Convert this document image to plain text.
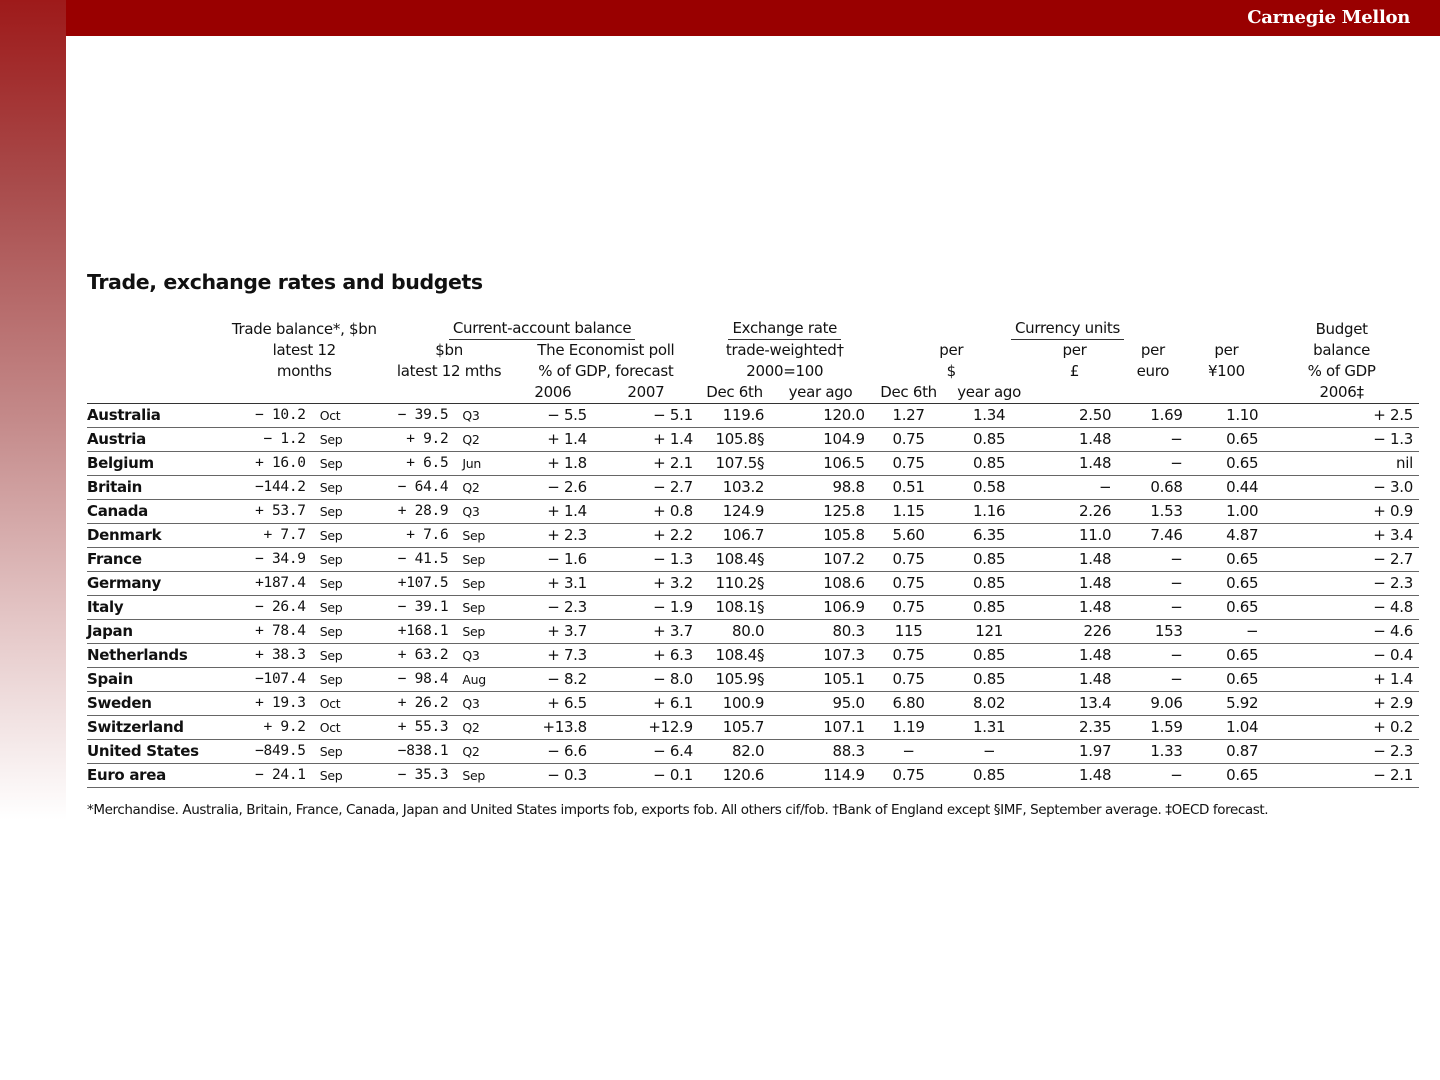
Carnegie Mellon
Trade, exchange rates and budgets
	Trade balance*, $bn		Current-account balance				Exchange rate		Currency units					Budget
	latest 12		$bn		The Economist poll		trade-weighted†		per		per	per	per	balance
	months		latest 12 mths		% of GDP, forecast		2000=100		$		£	euro	¥100	% of GDP
					2006	2007	Dec 6th	year ago	Dec 6th	year ago				2006‡
Australia	− 10.2	Oct	− 39.5	Q3	− 5.5	− 5.1	119.6	120.0	1.27	1.34	2.50	1.69	1.10	+ 2.5
Austria	− 1.2	Sep	+ 9.2	Q2	+ 1.4	+ 1.4	105.8§	104.9	0.75	0.85	1.48	−	0.65	− 1.3
Belgium	+ 16.0	Sep	+ 6.5	Jun	+ 1.8	+ 2.1	107.5§	106.5	0.75	0.85	1.48	−	0.65	nil
Britain	−144.2	Sep	− 64.4	Q2	− 2.6	− 2.7	103.2	98.8	0.51	0.58	−	0.68	0.44	− 3.0
Canada	+ 53.7	Sep	+ 28.9	Q3	+ 1.4	+ 0.8	124.9	125.8	1.15	1.16	2.26	1.53	1.00	+ 0.9
Denmark	+ 7.7	Sep	+ 7.6	Sep	+ 2.3	+ 2.2	106.7	105.8	5.60	6.35	11.0	7.46	4.87	+ 3.4
France	− 34.9	Sep	− 41.5	Sep	− 1.6	− 1.3	108.4§	107.2	0.75	0.85	1.48	−	0.65	− 2.7
Germany	+187.4	Sep	+107.5	Sep	+ 3.1	+ 3.2	110.2§	108.6	0.75	0.85	1.48	−	0.65	− 2.3
Italy	− 26.4	Sep	− 39.1	Sep	− 2.3	− 1.9	108.1§	106.9	0.75	0.85	1.48	−	0.65	− 4.8
Japan	+ 78.4	Sep	+168.1	Sep	+ 3.7	+ 3.7	80.0	80.3	115	121	226	153	−	− 4.6
Netherlands	+ 38.3	Sep	+ 63.2	Q3	+ 7.3	+ 6.3	108.4§	107.3	0.75	0.85	1.48	−	0.65	− 0.4
Spain	−107.4	Sep	− 98.4	Aug	− 8.2	− 8.0	105.9§	105.1	0.75	0.85	1.48	−	0.65	+ 1.4
Sweden	+ 19.3	Oct	+ 26.2	Q3	+ 6.5	+ 6.1	100.9	95.0	6.80	8.02	13.4	9.06	5.92	+ 2.9
Switzerland	+ 9.2	Oct	+ 55.3	Q2	+13.8	+12.9	105.7	107.1	1.19	1.31	2.35	1.59	1.04	+ 0.2
United States	−849.5	Sep	−838.1	Q2	− 6.6	− 6.4	82.0	88.3	−	−	1.97	1.33	0.87	− 2.3
Euro area	− 24.1	Sep	− 35.3	Sep	− 0.3	− 0.1	120.6	114.9	0.75	0.85	1.48	−	0.65	− 2.1

*Merchandise. Australia, Britain, France, Canada, Japan and United States imports fob, exports fob. All others cif/fob. †Bank of England except §IMF, September average. ‡OECD forecast.
